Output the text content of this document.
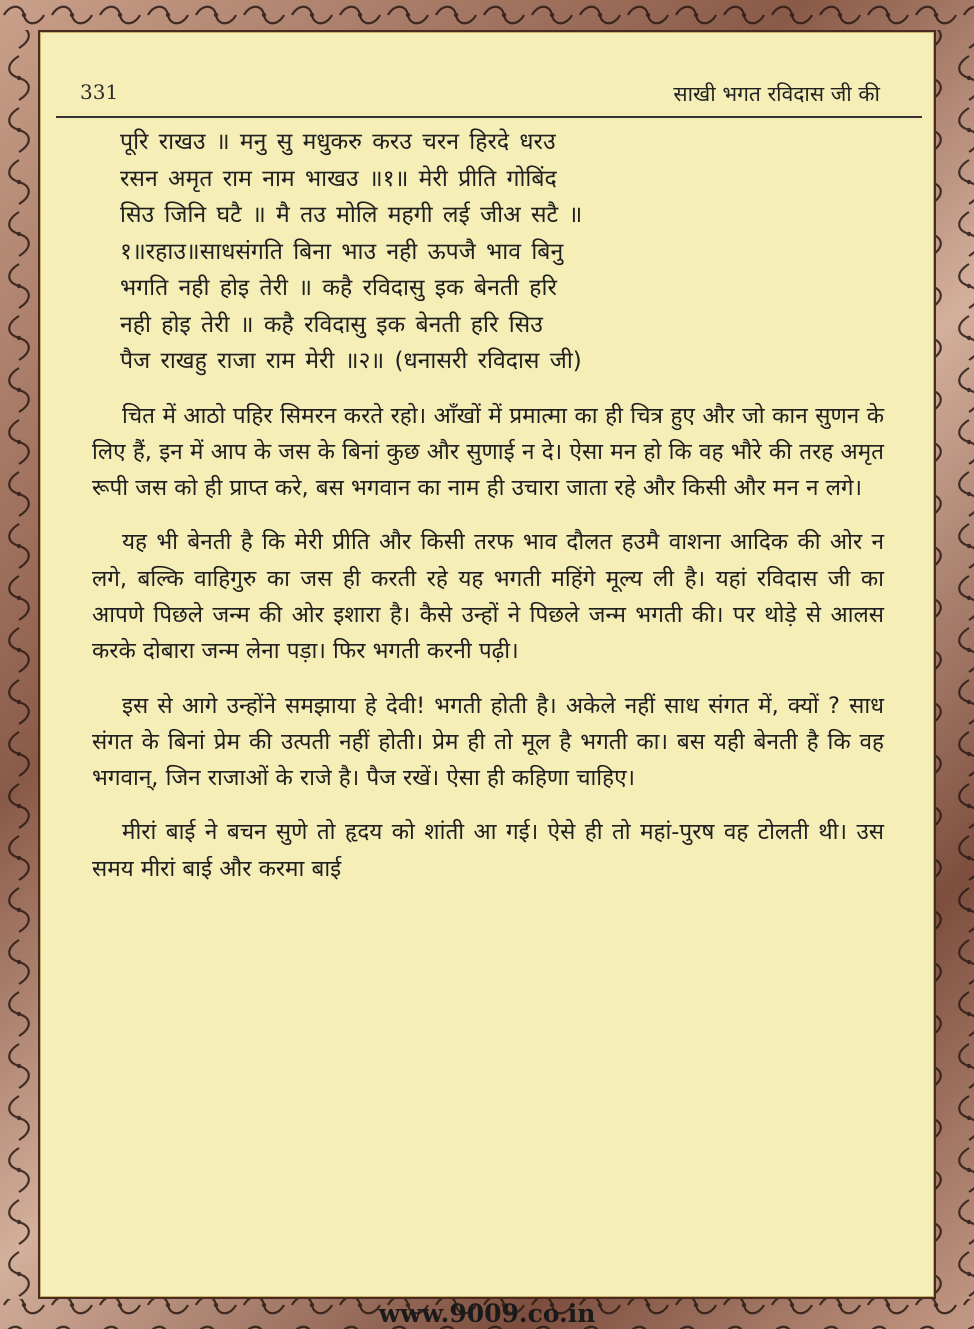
331	साखी भगत रविदास जी की
पूरि राखउ ॥ मनु सु मधुकरु करउ चरन हिरदे धरउ
रसन अमृत राम नाम भाखउ ॥१॥ मेरी प्रीति गोबिंद
सिउ जिनि घटै ॥ मै तउ मोलि महगी लई जीअ सटै ॥
१॥रहाउ॥साधसंगति बिना भाउ नही ऊपजै भाव बिनु
भगति नही होइ तेरी ॥ कहै रविदासु इक बेनती हरि
नही होइ तेरी ॥ कहै रविदासु इक बेनती हरि सिउ
पैज राखहु राजा राम मेरी ॥२॥ (धनासरी रविदास जी)

चित में आठो पहिर सिमरन करते रहो। आँखों में प्रमात्मा का ही चित्र हुए और जो कान सुणन के लिए हैं, इन में आप के जस के बिनां कुछ और सुणाई न दे। ऐसा मन हो कि वह भौरे की तरह अमृत रूपी जस को ही प्राप्त करे, बस भगवान का नाम ही उचारा जाता रहे और किसी और मन न लगे।

यह भी बेनती है कि मेरी प्रीति और किसी तरफ भाव दौलत हउमै वाशना आदिक की ओर न लगे, बल्कि वाहिगुरु का जस ही करती रहे यह भगती महिंगे मूल्य ली है। यहां रविदास जी का आपणे पिछले जन्म की ओर इशारा है। कैसे उन्हों ने पिछले जन्म भगती की। पर थोड़े से आलस करके दोबारा जन्म लेना पड़ा। फिर भगती करनी पढ़ी।

इस से आगे उन्होंने समझाया हे देवी! भगती होती है। अकेले नहीं साध संगत में, क्यों ? साध संगत के बिनां प्रेम की उत्पती नहीं होती। प्रेम ही तो मूल है भगती का। बस यही बेनती है कि वह भगवान्, जिन राजाओं के राजे है। पैज रखें। ऐसा ही कहिणा चाहिए।

मीरां बाई ने बचन सुणे तो हृदय को शांती आ गई। ऐसे ही तो महां-पुरष वह टोलती थी। उस समय मीरां बाई और करमा बाई

www.9009.co.in
